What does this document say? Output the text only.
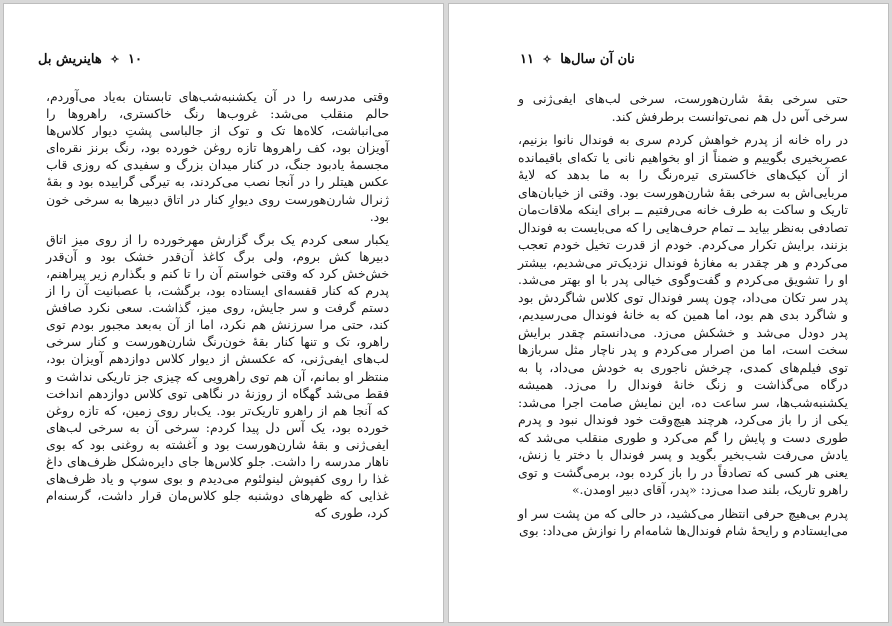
۱۰ ✧ هاینریش بل

وقتی مدرسه را در آن یکشنبه‌شب‌های تابستان به‌یاد می‌آوردم، حالم منقلب می‌شد: غروب‌ها رنگ خاکستری، راهروها را می‌انباشت، کلاه‌ها تک و توک از جالباسی پشتِ دیوار کلاس‌ها آویزان بود، کف راهروها تازه روغن خورده بود، رنگ برنز نقره‌ای مجسمهٔ یادبود جنگ، در کنار میدان بزرگ و سفیدی که روزی قاب عکس هیتلر را در آنجا نصب می‌کردند، به تیرگی گراییده بود و بقهٔ ژنرال شارن‌هورست روی دیوارِ کنار در اتاق دبیرها به سرخی خون بود.

یکبار سعی کردم یک برگ گزارش مهرخورده را از روی میز اتاق دبیرها کش بروم، ولی برگ کاغذ آن‌قدر خشک بود و آن‌قدر خش‌خش کرد که وقتی خواستم آن را تا کنم و بگذارم زیر پیراهنم، پدرم که کنار قفسه‌ای ایستاده بود، برگشت، با عصبانیت آن را از دستم گرفت و سر جایش، روی میز، گذاشت. سعی نکرد صافش کند، حتی مرا سرزنش هم نکرد، اما از آن به‌بعد مجبور بودم توی راهرو، تک و تنها کنار بقهٔ خون‌رنگ شارن‌هورست و کنار سرخی لب‌های ایفی‌ژنی، که عکسش از دیوار کلاس دوازدهم آویزان بود، منتظر او بمانم، آن هم توی راهرویی که چیزی جز تاریکی نداشت و فقط می‌شد گهگاه از روزنهٔ در نگاهی توی کلاس دوازدهم انداخت که آنجا هم از راهرو تاریک‌تر بود. یک‌بار روی زمین، که تازه روغن خورده بود، یک آس دل پیدا کردم: سرخی آن به سرخی لب‌های ایفی‌ژنی و بقهٔ شارن‌هورست بود و آغشته به روغنی بود که بوی ناهار مدرسه را داشت. جلو کلاس‌ها جای دایره‌شکل ظرف‌های داغ غذا را روی کفپوش لینولئوم می‌دیدم و بوی سوپ و یاد ظرف‌های غذایی که ظهرهای دوشنبه جلو کلاس‌مان قرار داشت، گرسنه‌ام کرد، طوری که

نان آن سال‌ها ✧ ۱۱

حتی سرخی بقهٔ شارن‌هورست، سرخی لب‌های ایفی‌ژنی و سرخی آس دل هم نمی‌توانست برطرفش کند.

در راه خانه از پدرم خواهش کردم سری به فوندال نانوا بزنیم، عصربخیری بگوییم و ضمناً از او بخواهیم نانی یا تکه‌ای باقیمانده از آن کیک‌های خاکستری تیره‌رنگ را به ما بدهد که لایهٔ مربایی‌اش به سرخی بقهٔ شارن‌هورست بود. وقتی از خیابان‌های تاریک و ساکت به طرف خانه می‌رفتیم ــ برای اینکه ملاقات‌مان تصادفی به‌نظر بیاید ــ تمام حرف‌هایی را که می‌بایست به فوندال بزنند، برایش تکرار می‌کردم. خودم از قدرت تخیل خودم تعجب می‌کردم و هر چقدر به مغازهٔ فوندال نزدیک‌تر می‌شدیم، بیشتر او را تشویق می‌کردم و گفت‌وگوی خیالی پدر با او بهتر می‌شد. پدر سر تکان می‌داد، چون پسر فوندال توی کلاس شاگردش بود و شاگرد بدی هم بود، اما همین که به خانهٔ فوندال می‌رسیدیم، پدر دودل می‌شد و خشکش می‌زد. می‌دانستم چقدر برایش سخت است، اما من اصرار می‌کردم و پدر ناچار مثل سربازها توی فیلم‌های کمدی، چرخش ناجوری به خودش می‌داد، پا به درگاه می‌گذاشت و زنگ خانهٔ فوندال را می‌زد. همیشه یکشنبه‌شب‌ها، سر ساعت ده، این نمایش صامت اجرا می‌شد: یکی از را باز می‌کرد، هرچند هیچ‌وقت خود فوندال نبود و پدرم طوری دست و پایش را گم می‌کرد و طوری منقلب می‌شد که یادش می‌رفت شب‌بخیر بگوید و پسر فوندال با دختر یا زنش، یعنی هر کسی که تصادفاً در را باز کرده بود، برمی‌گشت و توی راهرو تاریک، بلند صدا می‌زد: «پدر، آقای دبیر اومدن.»

پدرم بی‌هیچ حرفی انتظار می‌کشید، در حالی که من پشت سر او می‌ایستادم و رایحهٔ شام فوندال‌ها شامه‌ام را نوازش می‌داد: بوی
